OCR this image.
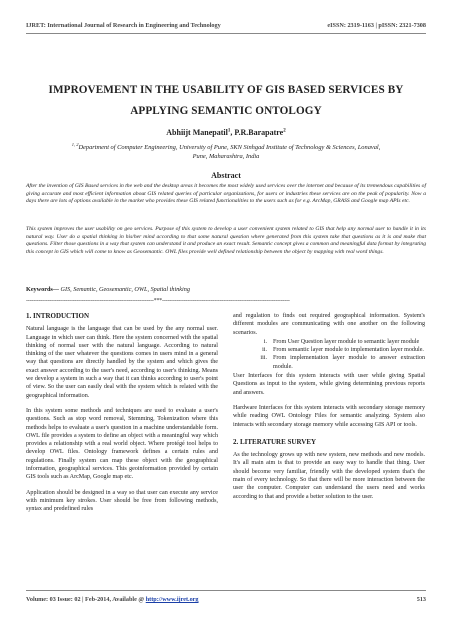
IJRET: International Journal of Research in Engineering and Technology	eISSN: 2319-1163 | pISSN: 2321-7308
IMPROVEMENT IN THE USABILITY OF GIS BASED SERVICES BY
APPLYING SEMANTIC ONTOLOGY
Abhiijt Manepatil$^1$, P.R.Barapatre$^2$
$^{1, 2}$Department of Computer Engineering, University of Pune, SKN Sinhgad Institute of Technology & Sciences, Lonaval,
Pune, Maharashtra, India
Abstract

After the invention of GIS Based services in the web and the desktop areas it becomes the most widely used services over the internet and because of its tremendous capabilities of giving accurate and most efficient information about GIS related queries of particular organizations, for users or industries these services are on the peak of popularity. Now a days there are lots of options available in the market who provides these GIS related functionalities to the users such as for e.g. ArcMap, GRASS and Google map APIs etc.

This system improves the user usability on geo services. Purpose of this system to develop a user convenient system related to GIS that help any normal user to handle it in its natural way. User do a spatial thinking in his/her mind according to that some natural question where generated from this system take that questions as it is and make that questions. Filter those questions in a way that system can understand it and produce an exact result. Semantic concept gives a common and meaningful data format by integrating this concept in GIS which will come to know as Geosemantic. OWL files provide well defined relationship between the object by mapping with real word things.

Keywords— GIS, Semantic, Geosemantic, OWL, Spatial thinking
-----------------------------------------------------------------------***-----------------------------------------------------------------------
1. INTRODUCTION

Natural language is the language that can be used by the any normal user. Language in which user can think. Here the system concerned with the spatial thinking of normal user with the natural language. According to natural thinking of the user whatever the questions comes in users mind in a general way that questions are directly handled by the system and which gives the exact answer according to the user's need, according to user's thinking. Means we develop a system in such a way that it can thinks according to user's point of view. So the user can easily deal with the system which is related with the geographical information.

In this system some methods and techniques are used to evaluate a user's questions. Such as stop word removal, Stemming, Tokenization where this methods helps to evaluate a user's question in a machine understandable form. OWL file provides a system to define an object with a meaningful way which provides a relationship with a real world object. Where protégé tool helps to develop OWL files. Ontology framework defines a certain rules and regulations. Finally system can map these object with the geographical information, geographical services. This geoinformation provided by certain GIS tools such as ArcMap, Google map etc.

Application should be designed in a way so that user can execute any service with minimum key strokes. User should be free from following methods, syntax and predefined rules

and regulation to finds out required geographical information. System's different modules are communicating with one another on the following scenarios.

i. From User Question layer module to semantic layer module
ii. From semantic layer module to implementation layer module.
iii. From implementation layer module to answer extraction module.

User Interfaces for this system interacts with user while giving Spatial Questions as input to the system, while giving determining previous reports and answers.

Hardware Interfaces for this system interacts with secondary storage memory while reading OWL Ontology Files for semantic analyzing. System also interacts with secondary storage memory while accessing GIS API or tools.

2. LITERATURE SURVEY

As the technology grows up with new system, new methods and new models. It's all main aim is that to provide an easy way to handle that thing. User should become very familiar, friendly with the developed system that's the main of every technology. So that there will be more interaction between the user the computer. Computer can understand the users need and works according to that and provide a better solution to the user.

Volume: 03 Issue: 02 | Feb-2014, Available @ http://www.ijret.org	513
